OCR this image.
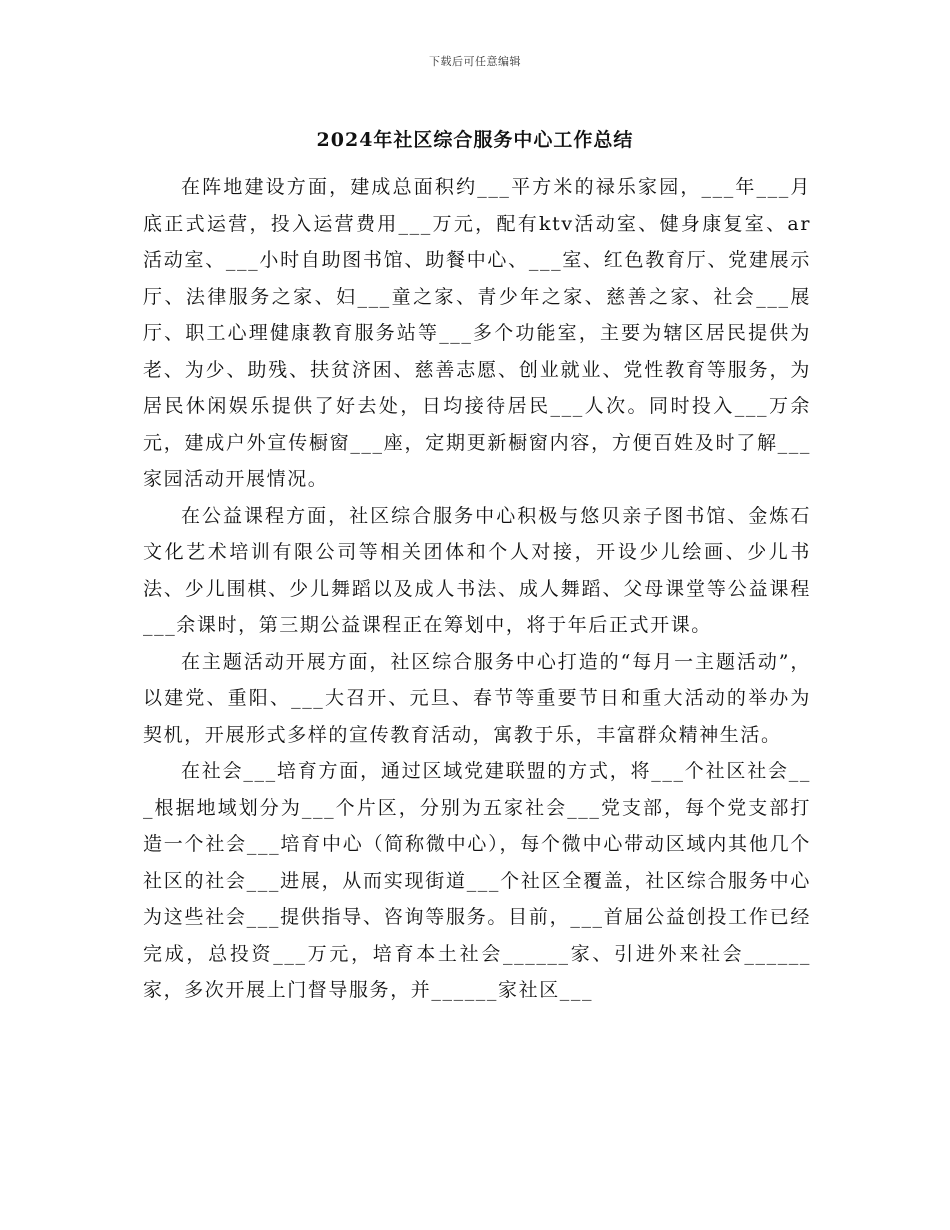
下载后可任意编辑
2024年社区综合服务中心工作总结

在阵地建设方面，建成总面积约___平方米的禄乐家园，___年___月底正式运营，投入运营费用___万元，配有ktv活动室、健身康复室、ar活动室、___小时自助图书馆、助餐中心、___室、红色教育厅、党建展示厅、法律服务之家、妇___童之家、青少年之家、慈善之家、社会___展厅、职工心理健康教育服务站等___多个功能室，主要为辖区居民提供为老、为少、助残、扶贫济困、慈善志愿、创业就业、党性教育等服务，为居民休闲娱乐提供了好去处，日均接待居民___人次。同时投入___万余元，建成户外宣传橱窗___座，定期更新橱窗内容，方便百姓及时了解___家园活动开展情况。

在公益课程方面，社区综合服务中心积极与悠贝亲子图书馆、金炼石文化艺术培训有限公司等相关团体和个人对接，开设少儿绘画、少儿书法、少儿围棋、少儿舞蹈以及成人书法、成人舞蹈、父母课堂等公益课程___余课时，第三期公益课程正在筹划中，将于年后正式开课。

在主题活动开展方面，社区综合服务中心打造的“每月一主题活动”，以建党、重阳、___大召开、元旦、春节等重要节日和重大活动的举办为契机，开展形式多样的宣传教育活动，寓教于乐，丰富群众精神生活。

在社会___培育方面，通过区域党建联盟的方式，将___个社区社会___根据地域划分为___个片区，分别为五家社会___党支部，每个党支部打造一个社会___培育中心（简称微中心），每个微中心带动区域内其他几个社区的社会___进展，从而实现街道___个社区全覆盖，社区综合服务中心为这些社会___提供指导、咨询等服务。目前，___首届公益创投工作已经完成，总投资___万元，培育本土社会______家、引进外来社会______家，多次开展上门督导服务，并______家社区___
